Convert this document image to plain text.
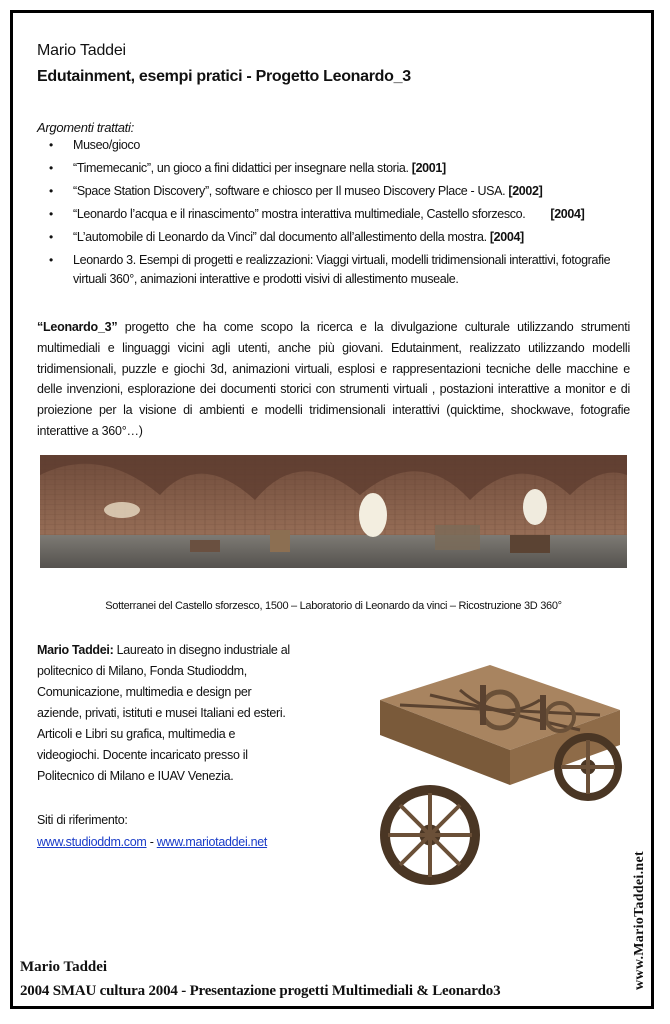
Mario Taddei
Edutainment, esempi pratici - Progetto Leonardo_3
Argomenti trattati:
• Museo/gioco
• “Timemecanic”, un gioco a fini didattici per insegnare nella storia. [2001]
• “Space Station Discovery”, software e chiosco per Il museo Discovery Place - USA. [2002]
• “Leonardo l’acqua e il rinascimento” mostra interattiva multimediale, Castello sforzesco.        [2004]
• “L’automobile di Leonardo da Vinci” dal documento all’allestimento della mostra. [2004]
• Leonardo 3. Esempi di progetti e realizzazioni: Viaggi virtuali, modelli tridimensionali interattivi, fotografie virtuali 360°, animazioni interattive e prodotti visivi di allestimento museale.

“Leonardo_3” progetto che ha come scopo la ricerca e la divulgazione culturale utilizzando strumenti multimediali e linguaggi vicini agli utenti, anche più giovani. Edutainment, realizzato utilizzando modelli tridimensionali, puzzle e giochi 3d, animazioni virtuali, esplosi e rappresentazioni tecniche delle macchine e delle invenzioni, esplorazione dei documenti storici con strumenti virtuali , postazioni interattive a monitor e di proiezione per la visione di ambienti e modelli tridimensionali interattivi (quicktime, shockwave, fotografie interattive a 360°…)

Sotterranei del Castello sforzesco, 1500 – Laboratorio di Leonardo da vinci – Ricostruzione 3D 360°

Mario Taddei: Laureato in disegno industriale al politecnico di Milano, Fonda Studioddm, Comunicazione, multimedia e design per aziende, privati, istituti e musei Italiani ed esteri. Articoli e Libri su grafica, multimedia e videogiochi. Docente incaricato presso il Politecnico di Milano e IUAV Venezia.

Siti di riferimento:
www.studioddm.com - www.mariotaddei.net
www.MarioTaddei.net
Mario Taddei
2004 SMAU cultura 2004 - Presentazione progetti Multimediali & Leonardo3
